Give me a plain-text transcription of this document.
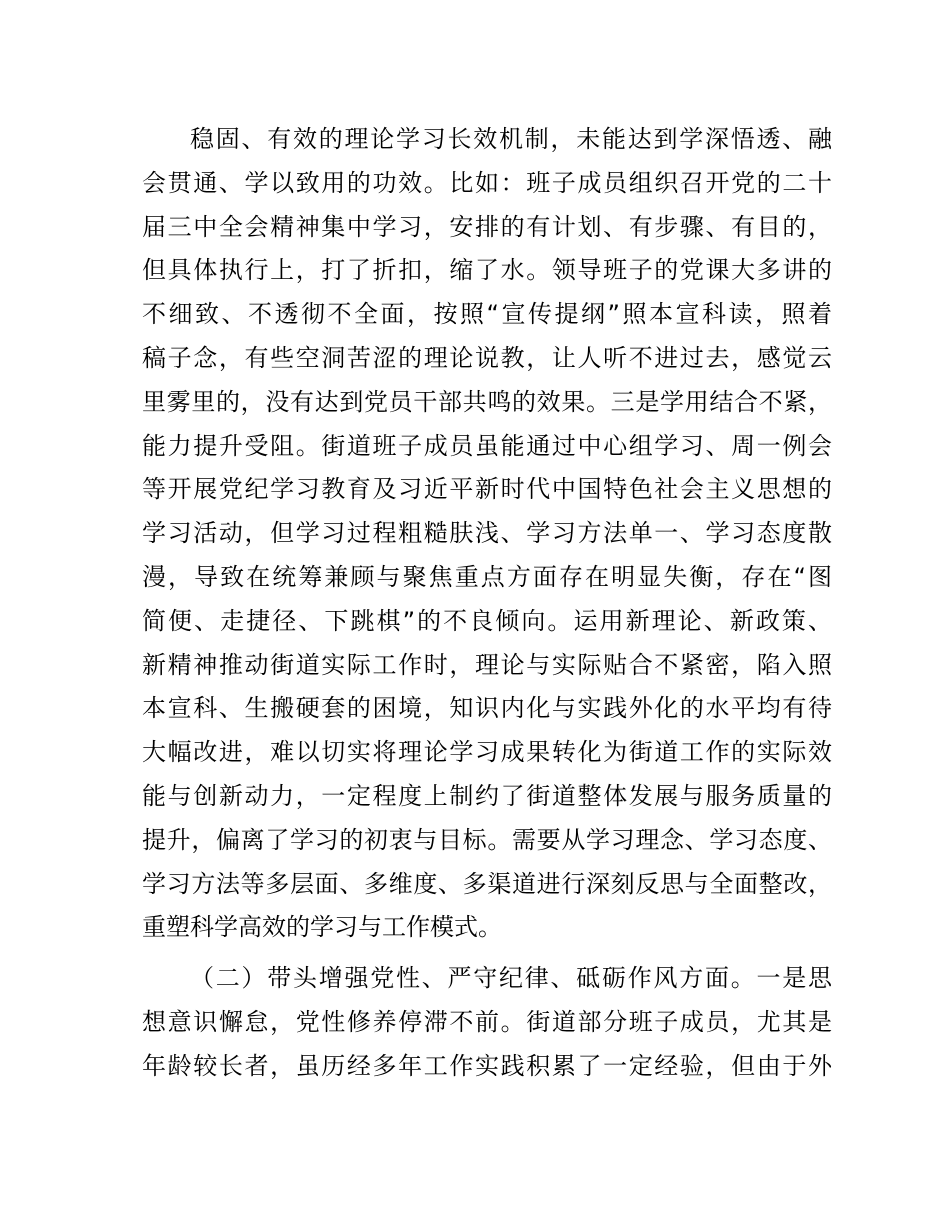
稳固、有效的理论学习长效机制，未能达到学深悟透、融
会贯通、学以致用的功效。比如：班子成员组织召开党的二十
届三中全会精神集中学习，安排的有计划、有步骤、有目的，
但具体执行上，打了折扣，缩了水。领导班子的党课大多讲的
不细致、不透彻不全面，按照“宣传提纲”照本宣科读，照着
稿子念，有些空洞苦涩的理论说教，让人听不进过去，感觉云
里雾里的，没有达到党员干部共鸣的效果。三是学用结合不紧，
能力提升受阻。街道班子成员虽能通过中心组学习、周一例会
等开展党纪学习教育及习近平新时代中国特色社会主义思想的
学习活动，但学习过程粗糙肤浅、学习方法单一、学习态度散
漫，导致在统筹兼顾与聚焦重点方面存在明显失衡，存在“图
简便、走捷径、下跳棋”的不良倾向。运用新理论、新政策、
新精神推动街道实际工作时，理论与实际贴合不紧密，陷入照
本宣科、生搬硬套的困境，知识内化与实践外化的水平均有待
大幅改进，难以切实将理论学习成果转化为街道工作的实际效
能与创新动力，一定程度上制约了街道整体发展与服务质量的
提升，偏离了学习的初衷与目标。需要从学习理念、学习态度、
学习方法等多层面、多维度、多渠道进行深刻反思与全面整改，
重塑科学高效的学习与工作模式。
（二）带头增强党性、严守纪律、砥砺作风方面。一是思
想意识懈怠，党性修养停滞不前。街道部分班子成员，尤其是
年龄较长者，虽历经多年工作实践积累了一定经验，但由于外
